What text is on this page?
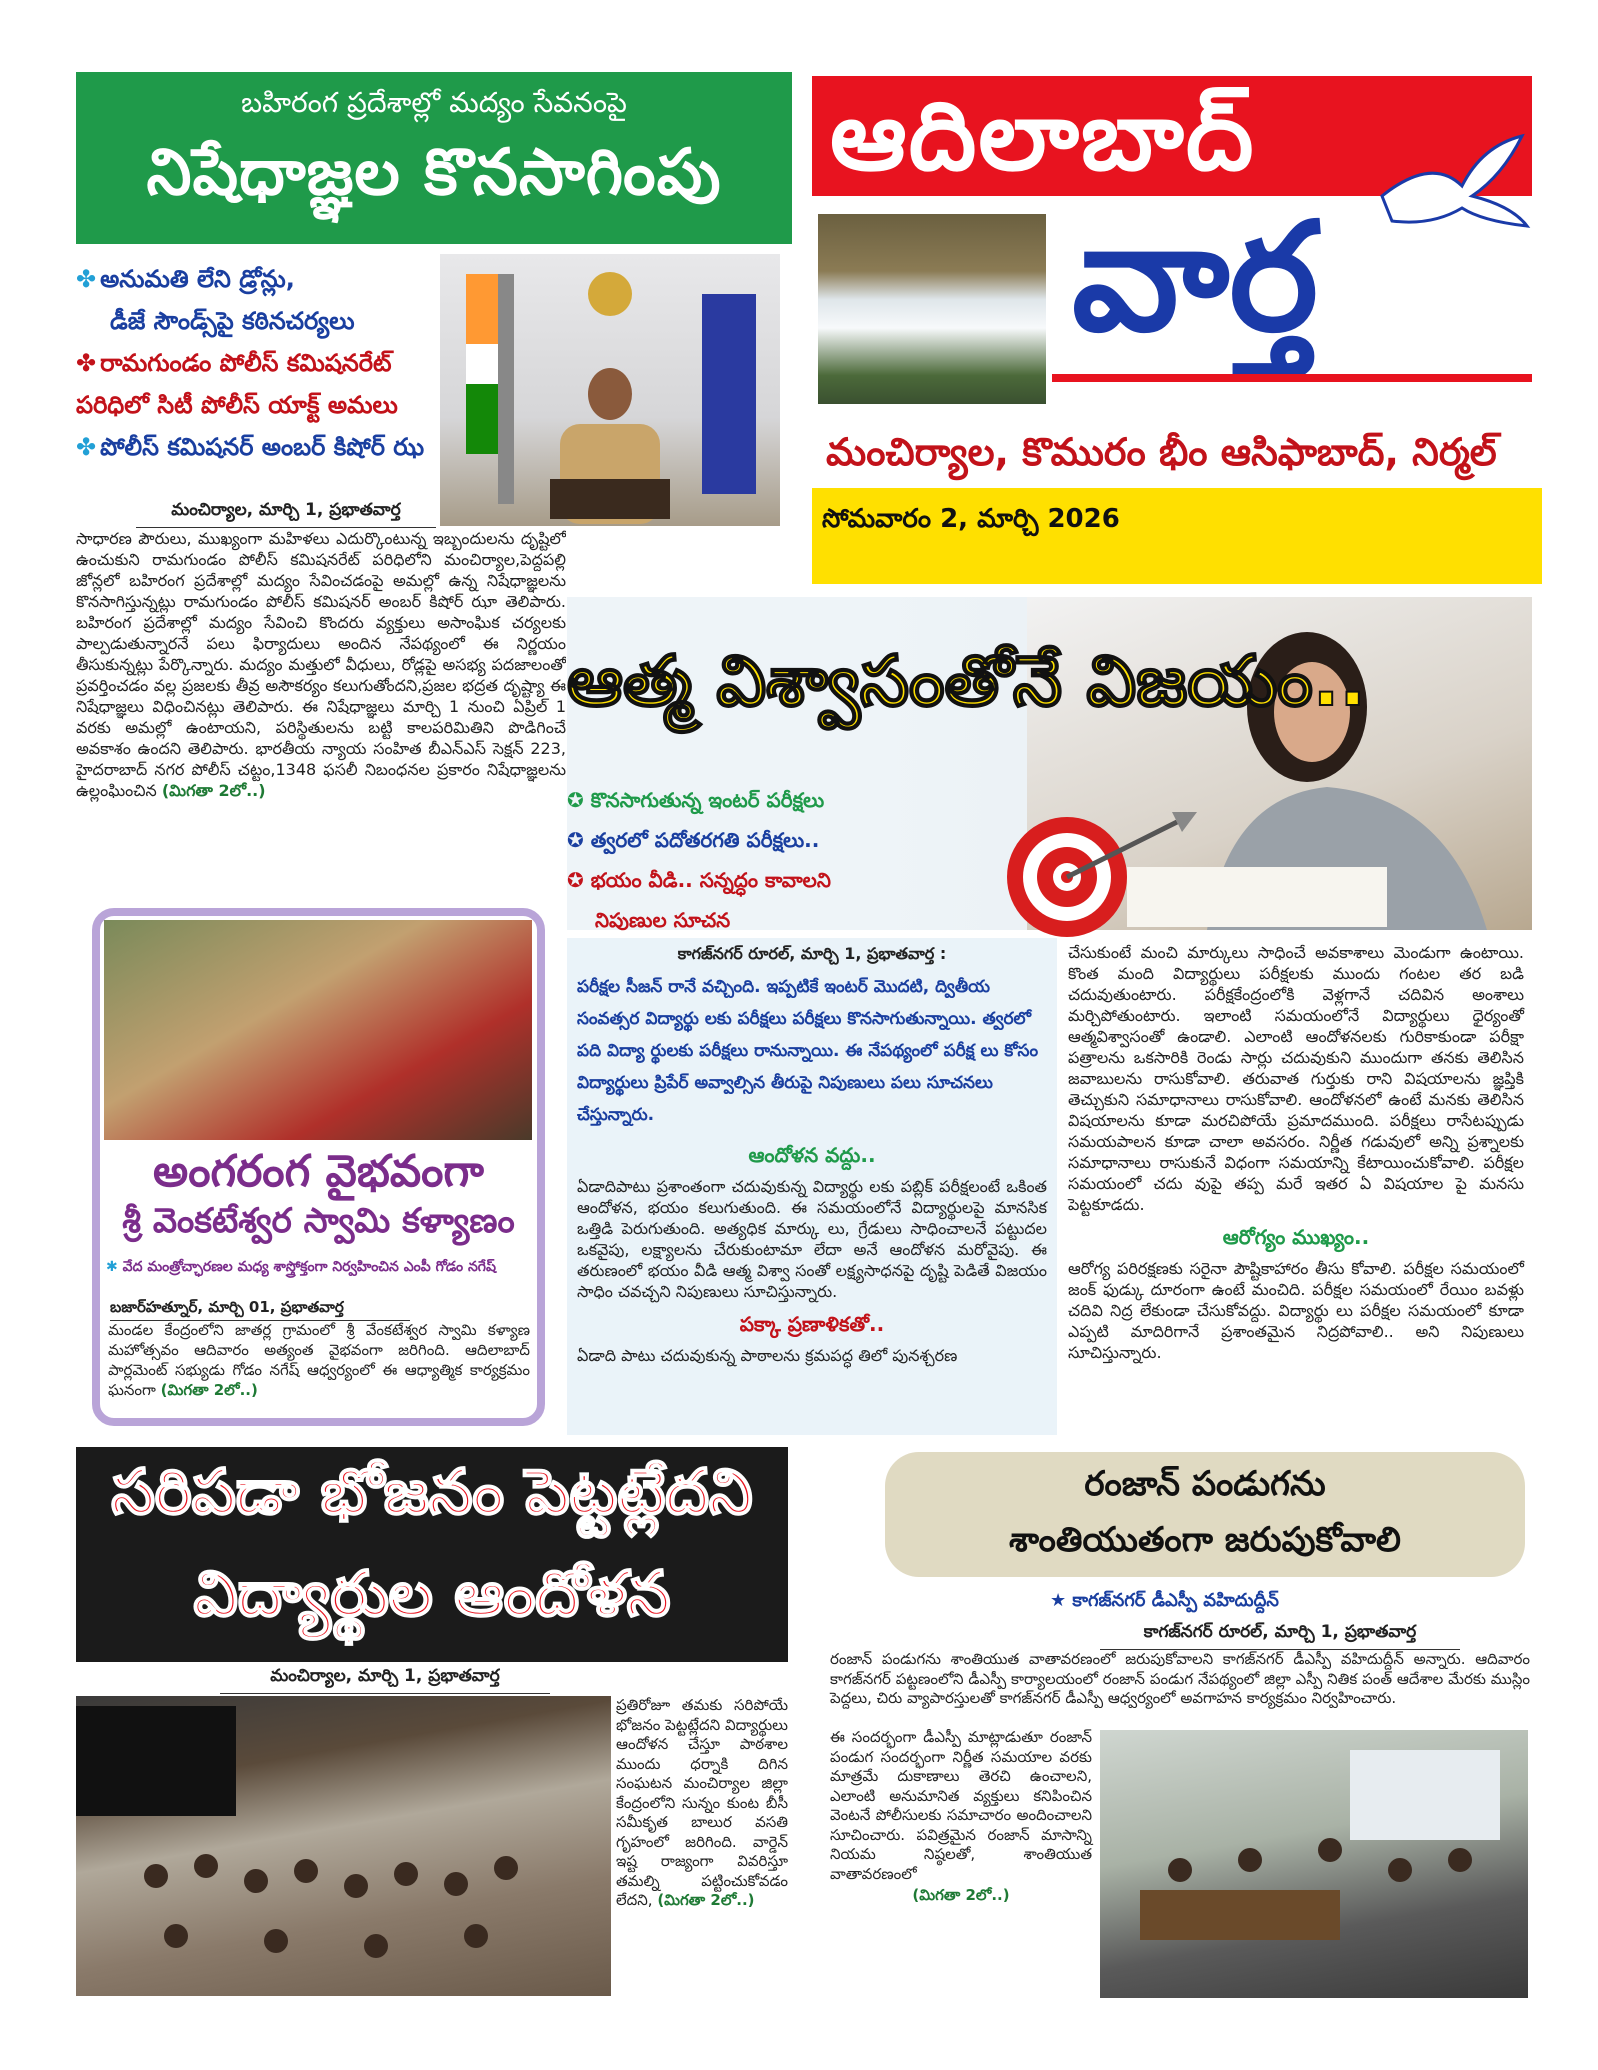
బహిరంగ ప్రదేశాల్లో మద్యం సేవనంపై
నిషేధాజ్ఞల కొనసాగింపు
✤ అనుమతి లేని డ్రోన్లు,
డీజే సౌండ్స్‌పై కఠినచర్యలు
✤ రామగుండం పోలీస్ కమిషనరేట్
పరిధిలో సిటీ పోలీస్ యాక్ట్ అమలు
✤ పోలీస్ కమిషనర్ అంబర్ కిషోర్ ఝ
మంచిర్యాల, మార్చి 1, ప్రభాతవార్త
సాధారణ పౌరులు, ముఖ్యంగా మహిళలు ఎదుర్కొంటున్న ఇబ్బందులను దృష్టిలో ఉంచుకుని రామగుండం పోలీస్ కమిషనరేట్ పరిధిలోని మంచిర్యాల,పెద్దపల్లి జోన్లలో బహిరంగ ప్రదేశాల్లో మద్యం సేవించడంపై అమల్లో ఉన్న నిషేధాజ్ఞలను కొనసాగిస్తున్నట్లు రామగుండం పోలీస్ కమిషనర్ అంబర్ కిషోర్ ఝా తెలిపారు. బహిరంగ ప్రదేశాల్లో మద్యం సేవించి కొందరు వ్యక్తులు అసాంఘిక చర్యలకు పాల్పడుతున్నారనే పలు ఫిర్యాదులు అందిన నేపథ్యంలో ఈ నిర్ణయం తీసుకున్నట్లు పేర్కొన్నారు. మద్యం మత్తులో వీధులు, రోడ్లపై అసభ్య పదజాలంతో ప్రవర్తించడం వల్ల ప్రజలకు తీవ్ర అసౌకర్యం కలుగుతోందని,ప్రజల భద్రత దృష్ట్యా ఈ నిషేధాజ్ఞలు విధించినట్లు తెలిపారు. ఈ నిషేధాజ్ఞలు మార్చి 1 నుంచి ఏప్రిల్ 1 వరకు అమల్లో ఉంటాయని, పరిస్థితులను బట్టి కాలపరిమితిని పొడిగించే అవకాశం ఉందని తెలిపారు. భారతీయ న్యాయ సంహిత బీఎన్ఎస్ సెక్షన్ 223, హైదరాబాద్ నగర పోలీస్ చట్టం,1348 ఫసలీ నిబంధనల ప్రకారం నిషేధాజ్ఞలను ఉల్లంఘించిన (మిగతా 2లో..)
ఆదిలాబాద్
వార్త
మంచిర్యాల, కొమురం భీం ఆసిఫాబాద్, నిర్మల్
సోమవారం 2, మార్చి 2026
ఆత్మ విశ్వాసంతోనే విజయం..
✪ కొనసాగుతున్న ఇంటర్ పరీక్షలు
✪ త్వరలో పదోతరగతి పరీక్షలు..
✪ భయం వీడి.. సన్నద్ధం కావాలని
నిపుణుల సూచన
కాగజ్‌నగర్ రూరల్, మార్చి 1, ప్రభాతవార్త :
పరీక్షల సీజన్ రానే వచ్చింది. ఇప్పటికే ఇంటర్ మొదటి, ద్వితీయ సంవత్సర విద్యార్థు లకు పరీక్షలు పరీక్షలు కొనసాగుతున్నాయి. త్వరలో పది విద్యా ర్థులకు పరీక్షలు రానున్నాయి. ఈ నేపథ్యంలో పరీక్ష లు కోసం విద్యార్థులు ప్రిపేర్ అవ్వాల్సిన తీరుపై నిపుణులు పలు సూచనలు చేస్తున్నారు.
ఆందోళన వద్దు..
ఏడాదిపాటు ప్రశాంతంగా చదువుకున్న విద్యార్థు లకు పబ్లిక్ పరీక్షలంటే ఒకింత ఆందోళన, భయం కలుగుతుంది. ఈ సమయంలోనే విద్యార్థులపై మానసిక ఒత్తిడి పెరుగుతుంది. అత్యధిక మార్కు లు, గ్రేడులు సాధించాలనే పట్టుదల ఒకవైపు, లక్ష్యాలను చేరుకుంటామా లేదా అనే ఆందోళన మరోవైపు. ఈ తరుణంలో భయం వీడి ఆత్మ విశ్వా సంతో లక్ష్యసాధనపై దృష్టి పెడితే విజయం సాధిం చవచ్చని నిపుణులు సూచిస్తున్నారు.
పక్కా ప్రణాళికతో..
ఏడాది పాటు చదువుకున్న పాఠాలను క్రమపద్ధ తిలో పునశ్చరణ
చేసుకుంటే మంచి మార్కులు సాధించే అవకాశాలు మెండుగా ఉంటాయి. కొంత మంది విద్యార్థులు పరీక్షలకు ముందు గంటల తర బడి చదువుతుంటారు. పరీక్షకేంద్రంలోకి వెళ్లగానే చదివిన అంశాలు మర్చిపోతుంటారు. ఇలాంటి సమయంలోనే విద్యార్థులు ధైర్యంతో ఆత్మవిశ్వాసంతో ఉండాలి. ఎలాంటి ఆందోళనలకు గురికాకుండా పరీక్షా పత్రాలను ఒకసారికి రెండు సార్లు చదువుకుని ముందుగా తనకు తెలిసిన జవాబులను రాసుకోవాలి. తరువాత గుర్తుకు రాని విషయాలను జ్ఞప్తికి తెచ్చుకుని సమాధానాలు రాసుకోవాలి. ఆందోళనలో ఉంటే మనకు తెలిసిన విషయాలను కూడా మరచిపోయే ప్రమాదముంది. పరీక్షలు రాసేటప్పుడు సమయపాలన కూడా చాలా అవసరం. నిర్ణీత గడువులో అన్ని ప్రశ్నాలకు సమాధానాలు రాసుకునే విధంగా సమయాన్ని కేటాయించుకోవాలి. పరీక్షల సమయంలో చదు వుపై తప్ప మరే ఇతర ఏ విషయాల పై మనసు పెట్టకూడదు.
ఆరోగ్యం ముఖ్యం..
ఆరోగ్య పరిరక్షణకు సరైనా పౌష్టికాహారం తీసు కోవాలి. పరీక్షల సమయంలో జంక్ ఫుడ్కు దూరంగా ఉంటే మంచిది. పరీక్షల సమయంలో రేయిం బవళ్లు చదివి నిద్ర లేకుండా చేసుకోవద్దు. విద్యార్థు లు పరీక్షల సమయంలో కూడా ఎప్పటి మాదిరిగానే ప్రశాంతమైన నిద్రపోవాలి.. అని నిపుణులు సూచిస్తున్నారు.
అంగరంగ వైభవంగా
శ్రీ వెంకటేశ్వర స్వామి కళ్యాణం
✱ వేద మంత్రోచ్ఛారణల మధ్య శాస్త్రోక్తంగా నిర్వహించిన ఎంపీ గోడం నగేష్
బజార్‌హత్నూర్, మార్చి 01, ప్రభాతవార్త
మండల కేంద్రంలోని జాతర్ల గ్రామంలో శ్రీ వేంకటేశ్వర స్వామి కళ్యాణ మహోత్సవం ఆదివారం అత్యంత వైభవంగా జరిగింది. ఆదిలాబాద్ పార్లమెంట్ సభ్యుడు గోడం నగేష్ ఆధ్వర్యంలో ఈ ఆధ్యాత్మిక కార్యక్రమం ఘనంగా (మిగతా 2లో..)
సరిపడా భోజనం పెట్టట్లేదని
విద్యార్థుల ఆందోళన
మంచిర్యాల, మార్చి 1, ప్రభాతవార్త
ప్రతిరోజూ తమకు సరిపోయే భోజనం పెట్టట్లేదని విద్యార్థులు ఆందోళన చేస్తూ పాఠశాల ముందు ధర్నాకి దిగిన సంఘటన మంచిర్యాల జిల్లా కేంద్రంలోని సున్నం కుంట బీసీ సమీకృత బాలుర వసతి గృహంలో జరిగింది. వార్డెన్ ఇష్ట రాజ్యంగా వివరిస్తూ తమల్ని పట్టించుకోవడం లేదని, (మిగతా 2లో..)
రంజాన్ పండుగను
శాంతియుతంగా జరుపుకోవాలి
★ కాగజ్‌నగర్ డీఎస్పీ వహిదుద్దీన్
కాగజ్‌నగర్ రూరల్, మార్చి 1, ప్రభాతవార్త
రంజాన్ పండుగను శాంతియుత వాతావరణంలో జరుపుకోవాలని కాగజ్‌నగర్ డీఎస్పీ వహిదుద్దీన్ అన్నారు. ఆదివారం కాగజ్‌నగర్ పట్టణంలోని డీఎస్పీ కార్యాలయంలో రంజాన్ పండుగ నేపథ్యంలో జిల్లా ఎస్పీ నితిక పంత్ ఆదేశాల మేరకు ముస్లిం పెద్దలు, చిరు వ్యాపారస్తులతో కాగజ్‌నగర్ డీఎస్పీ ఆధ్వర్యంలో అవగాహన కార్యక్రమం నిర్వహించారు.
ఈ సందర్భంగా డీఎస్పీ మాట్లాడుతూ రంజాన్ పండుగ సందర్భంగా నిర్ణీత సమయాల వరకు మాత్రమే దుకాణాలు తెరచి ఉంచాలని, ఎలాంటి అనుమానిత వ్యక్తులు కనిపించిన వెంటనే పోలీసులకు సమాచారం అందించాలని సూచించారు. పవిత్రమైన రంజాన్ మాసాన్ని నియమ నిష్ఠలతో, శాంతియుత వాతావరణంలో
(మిగతా 2లో..)
